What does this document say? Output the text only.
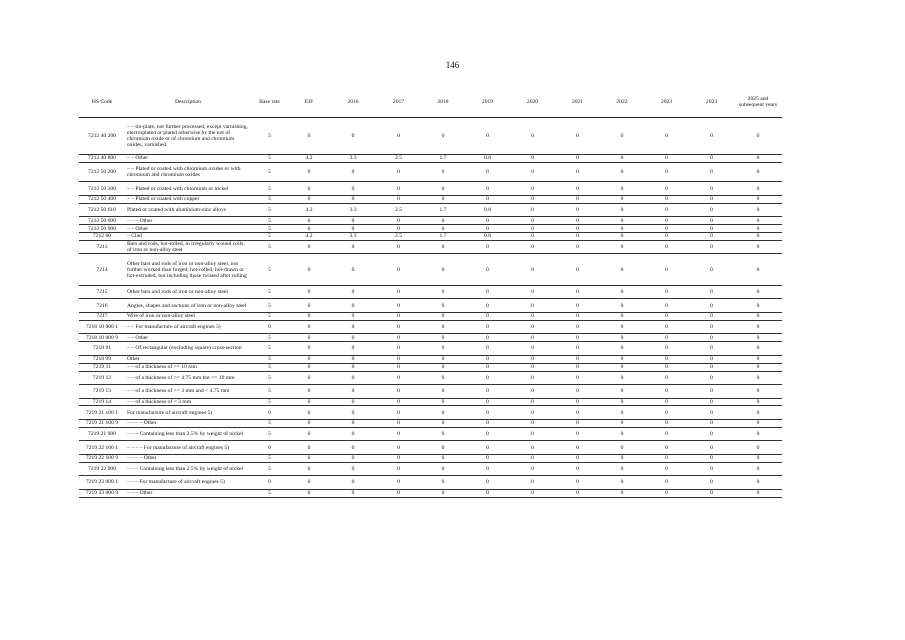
146
HS Code	Description	Base rate	EIF	2016	2017	2018	2019	2020	2021	2022	2023	2024	2025 and subsequent years
7212 40 200	– – tin-plate, not further processed, except varnishing, electroplated or plated otherwise by the not of chromium oxide or of chromium and chromium oxides, varnished	5	0	0	0	0	0	0	0	0	0	0	0
7212 40 800	– – Other	5	4.2	3.3	2.5	1.7	0.8	0	0	0	0	0	0
7212 50 200	– – Plated or coated with chromium oxides or with chromium and chromium oxides	5	0	0	0	0	0	0	0	0	0	0	0
7212 50 300	– – Plated or coated with chromium or nickel	5	0	0	0	0	0	0	0	0	0	0	0
7212 50 400	– – Plated or coated with copper	5	0	0	0	0	0	0	0	0	0	0	0
7212 50 610	Plated or coated with aluminium-zinc alloys	5	4.2	3.3	2.5	1.7	0.8	0	0	0	0	0	0
7212 50 690	– – – Other	5	0	0	0	0	0	0	0	0	0	0	0
7212 50 900	– – Other	5	0	0	0	0	0	0	0	0	0	0	0
7212 60	– Clad	5	4.2	3.3	2.5	1.7	0.8	0	0	0	0	0	0
7213	Bars and rods, hot-rolled, in irregularly wound coils, of iron or non-alloy steel	5	0	0	0	0	0	0	0	0	0	0	0
7214	Other bars and rods of iron or non-alloy steel, not further worked than forged, hot-rolled, hot-drawn or hot-extruded, but including those twisted after rolling	5	0	0	0	0	0	0	0	0	0	0	0
7215	Other bars and rods of iron or non-alloy steel	5	0	0	0	0	0	0	0	0	0	0	0
7216	Angles, shapes and sections of iron or non-alloy steel	5	0	0	0	0	0	0	0	0	0	0	0
7217	Wire of iron or non-alloy steel	5	0	0	0	0	0	0	0	0	0	0	0
7218 10 000 1	– – For manufacture of aircraft engines 5)	0	0	0	0	0	0	0	0	0	0	0	0
7218 10 000 9	– – Other	5	0	0	0	0	0	0	0	0	0	0	0
7218 91	– – Of rectangular (excluding square) cross-section	5	0	0	0	0	0	0	0	0	0	0	0
7218 99	Other	5	0	0	0	0	0	0	0	0	0	0	0
7219 11	– – of a thickness of >= 10 mm	5	0	0	0	0	0	0	0	0	0	0	0
7219 12	– – of a thickness of >= 4.75 mm but <= 10 mm	5	0	0	0	0	0	0	0	0	0	0	0
7219 13	– – of a thickness of >= 3 mm and < 4.75 mm	5	0	0	0	0	0	0	0	0	0	0	0
7219 14	– – of a thickness of < 3 mm	5	0	0	0	0	0	0	0	0	0	0	0
7219 21 100 1	For manufacture of aircraft engines 5)	0	0	0	0	0	0	0	0	0	0	0	0
7219 21 100 9	– – – – Other	5	0	0	0	0	0	0	0	0	0	0	0
7219 21 900	– – – Containing less than 2.5% by weight of nickel	5	0	0	0	0	0	0	0	0	0	0	0
7219 22 100 1	– – – – For manufacture of aircraft engines 5)	0	0	0	0	0	0	0	0	0	0	0	0
7219 22 100 9	– – – – Other	5	0	0	0	0	0	0	0	0	0	0	0
7219 22 900	– – – Containing less than 2.5% by weight of nickel	5	0	0	0	0	0	0	0	0	0	0	0
7219 23 000 1	– – – For manufacture of aircraft engines 5)	0	0	0	0	0	0	0	0	0	0	0	0
7219 23 000 9	– – – Other	5	0	0	0	0	0	0	0	0	0	0	0
